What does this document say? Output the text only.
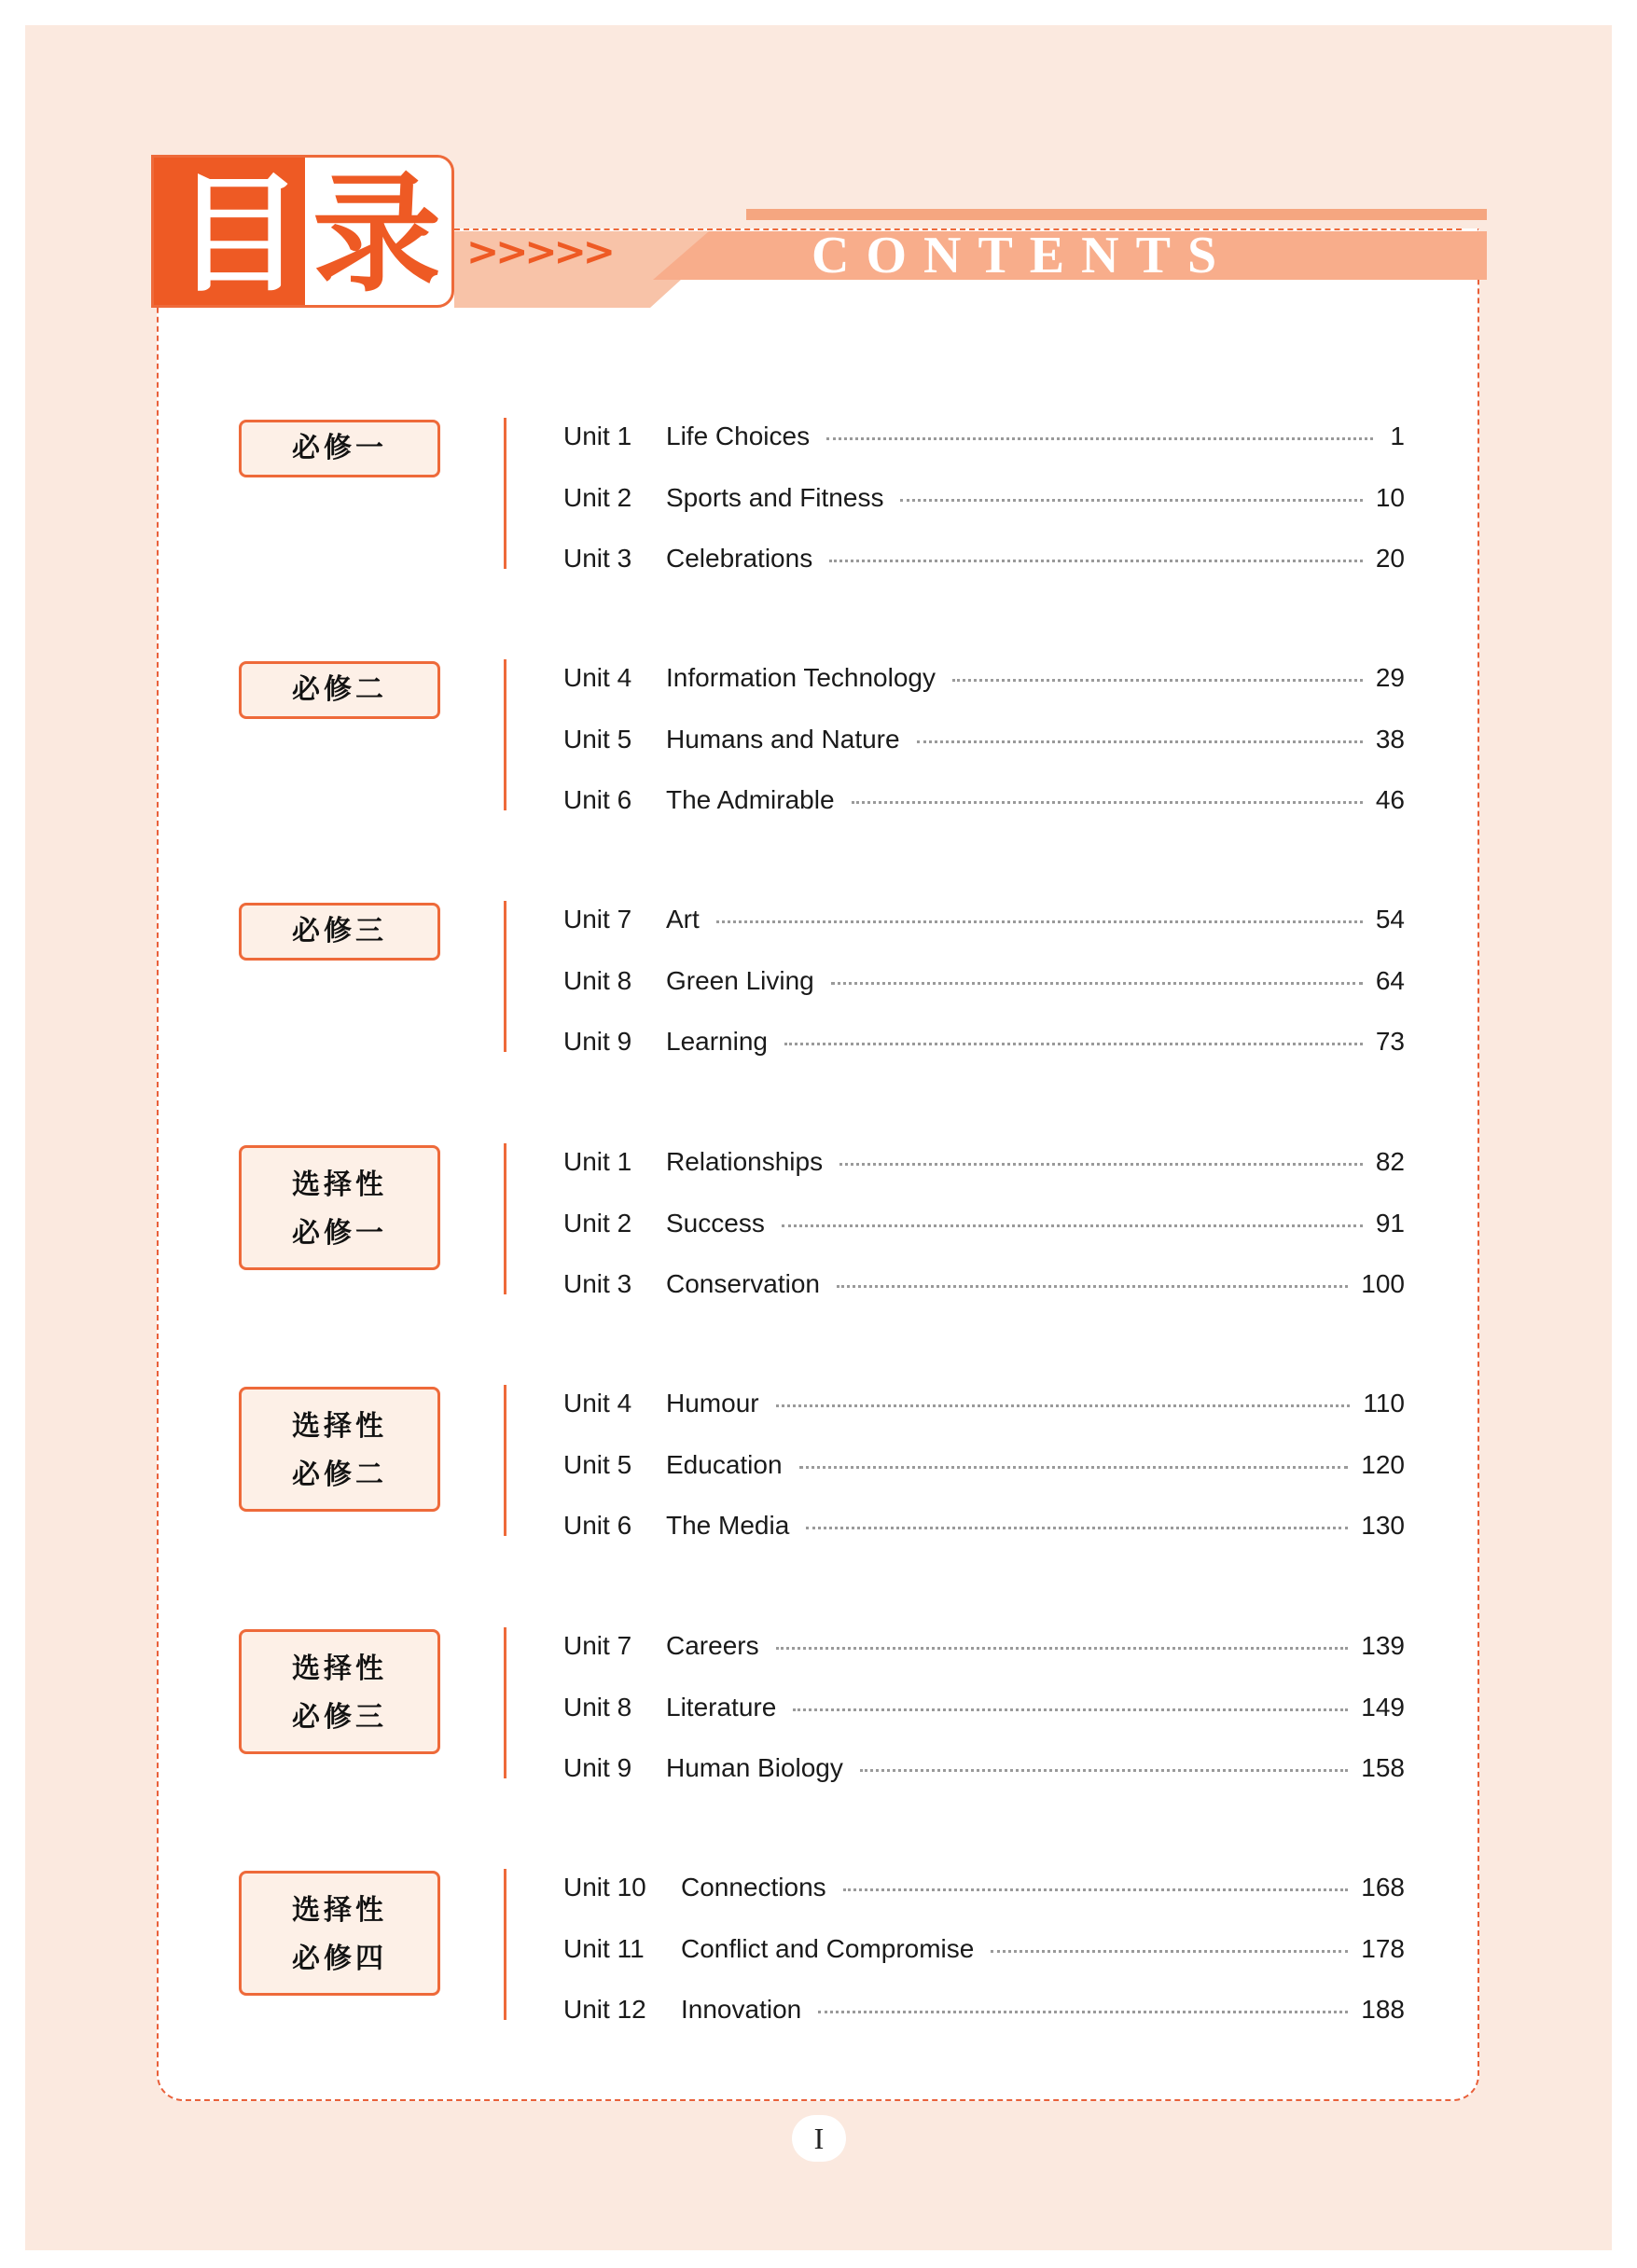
目 录 >>>>>	CONTENTS
必修一	Unit 1	Life Choices	1
Unit 2	Sports and Fitness	10
Unit 3	Celebrations	20
必修二	Unit 4	Information Technology	29
Unit 5	Humans and Nature	38
Unit 6	The Admirable	46
必修三	Unit 7	Art	54
Unit 8	Green Living	64
Unit 9	Learning	73
选择性
必修一
Unit 1	Relationships	82
Unit 2	Success	91
Unit 3	Conservation	100
选择性
必修二
Unit 4	Humour	110
Unit 5	Education	120
Unit 6	The Media	130
选择性
必修三
Unit 7	Careers	139
Unit 8	Literature	149
Unit 9	Human Biology	158
选择性
必修四
Unit 10	Connections	168
Unit 11	Conflict and Compromise	178
Unit 12	Innovation	188
I
